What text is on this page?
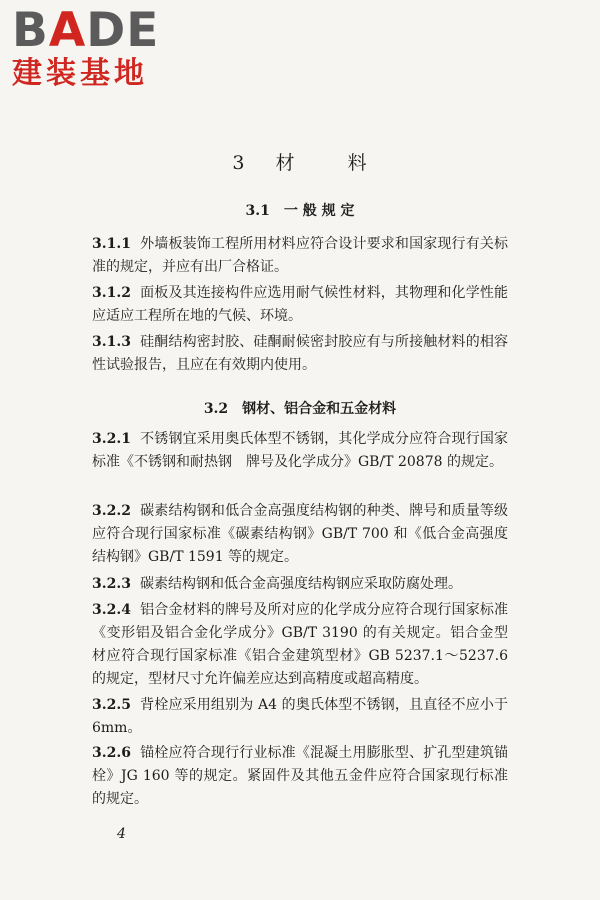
BADE
建装基地
3 材	料
3.1　一 般 规 定
3.1.1 外墙板装饰工程所用材料应符合设计要求和国家现行有关标准的规定，并应有出厂合格证。
3.1.2 面板及其连接构件应选用耐气候性材料，其物理和化学性能应适应工程所在地的气候、环境。
3.1.3 硅酮结构密封胶、硅酮耐候密封胶应有与所接触材料的相容性试验报告，且应在有效期内使用。
3.2　钢材、铝合金和五金材料
3.2.1 不锈钢宜采用奥氏体型不锈钢，其化学成分应符合现行国家标准《不锈钢和耐热钢　牌号及化学成分》GB/T 20878 的规定。
3.2.2 碳素结构钢和低合金高强度结构钢的种类、牌号和质量等级应符合现行国家标准《碳素结构钢》GB/T 700 和《低合金高强度结构钢》GB/T 1591 等的规定。
3.2.3 碳素结构钢和低合金高强度结构钢应采取防腐处理。
3.2.4 铝合金材料的牌号及所对应的化学成分应符合现行国家标准《变形铝及铝合金化学成分》GB/T 3190 的有关规定。铝合金型材应符合现行国家标准《铝合金建筑型材》GB 5237.1～5237.6 的规定，型材尺寸允许偏差应达到高精度或超高精度。
3.2.5 背栓应采用组别为 A4 的奥氏体型不锈钢，且直径不应小于 6mm。
3.2.6 锚栓应符合现行行业标准《混凝土用膨胀型、扩孔型建筑锚栓》JG 160 等的规定。紧固件及其他五金件应符合国家现行标准的规定。
4
